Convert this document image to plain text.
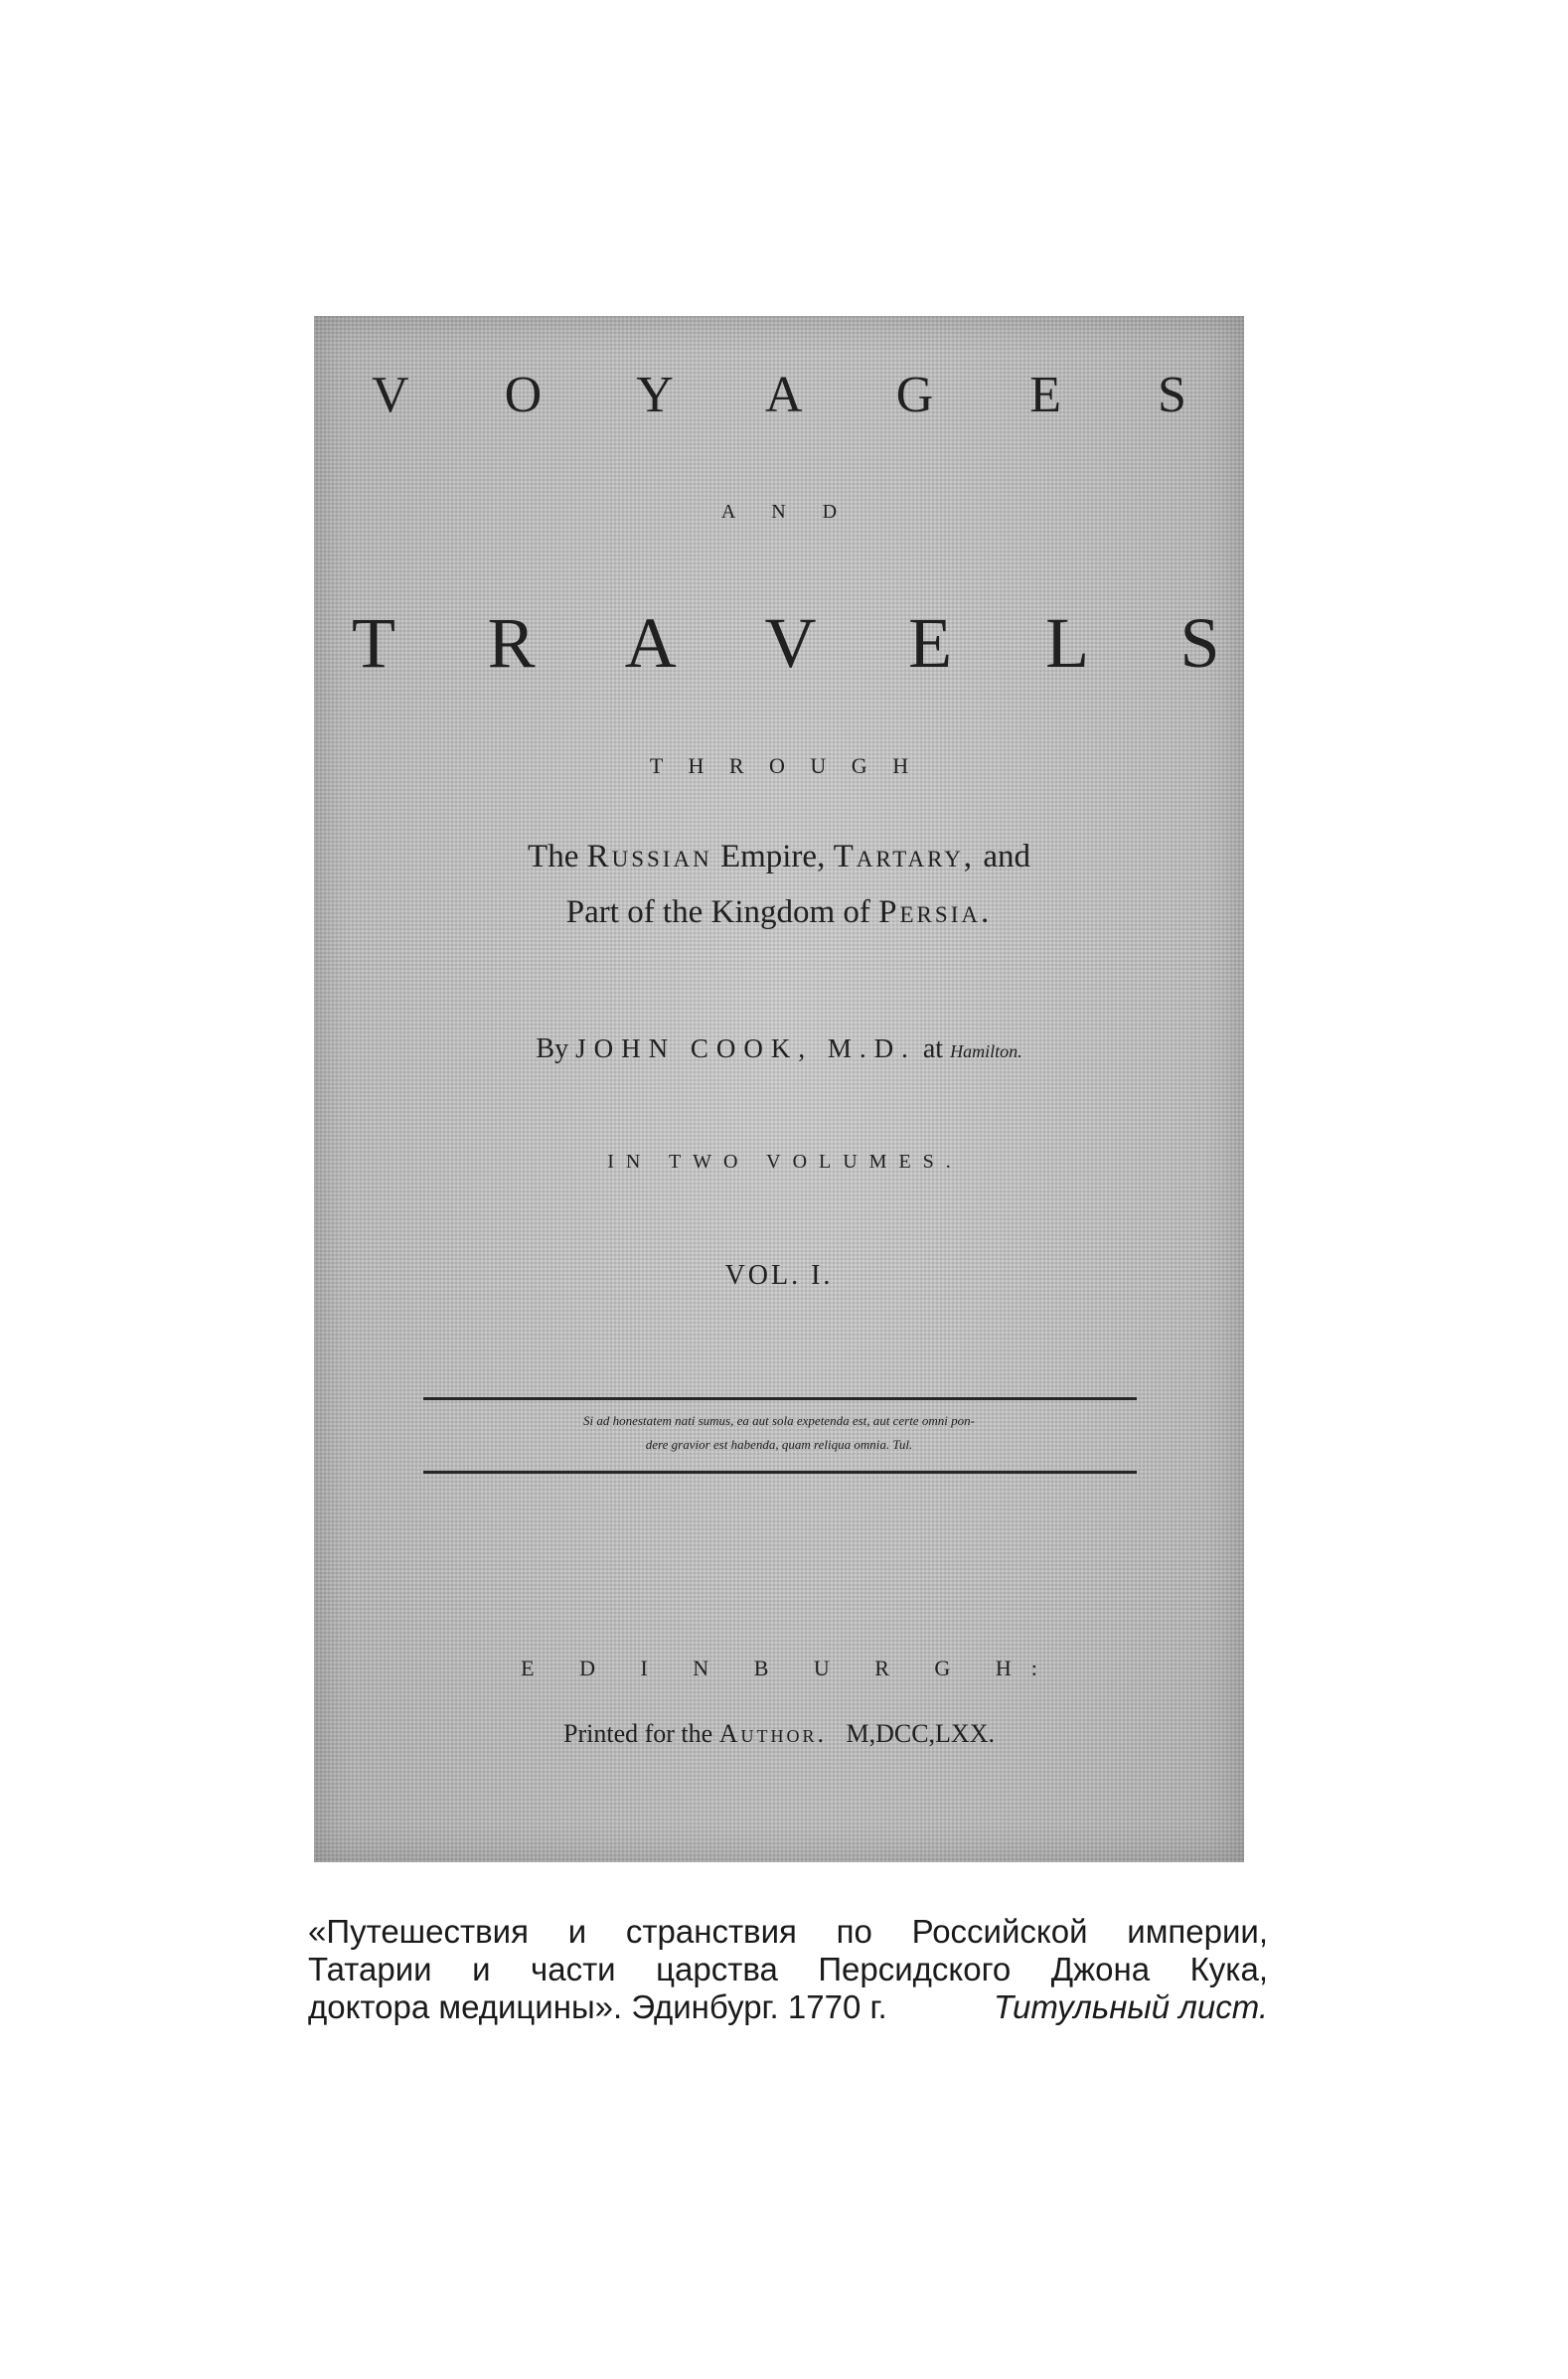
V O Y A G E S
A N D
T R A V E L S
T H R O U G H
The Russian Empire, Tartary, and
Part of the Kingdom of Persia.
By JOHN COOK, M.D. at Hamilton.
IN TWO VOLUMES.
VOL. I.
Si ad honestatem nati sumus, ea aut sola expetenda est, aut certe omni pon-
dere gravior est habenda, quam reliqua omnia. Tul.
E D I N B U R G H:
Printed for the Author. M,DCC,LXX.
«Путешествия и странствия по Российской империи,
Татарии и части царства Персидского Джона Кука,
доктора медицины». Эдинбург. 1770 г.	Титульный лист.
